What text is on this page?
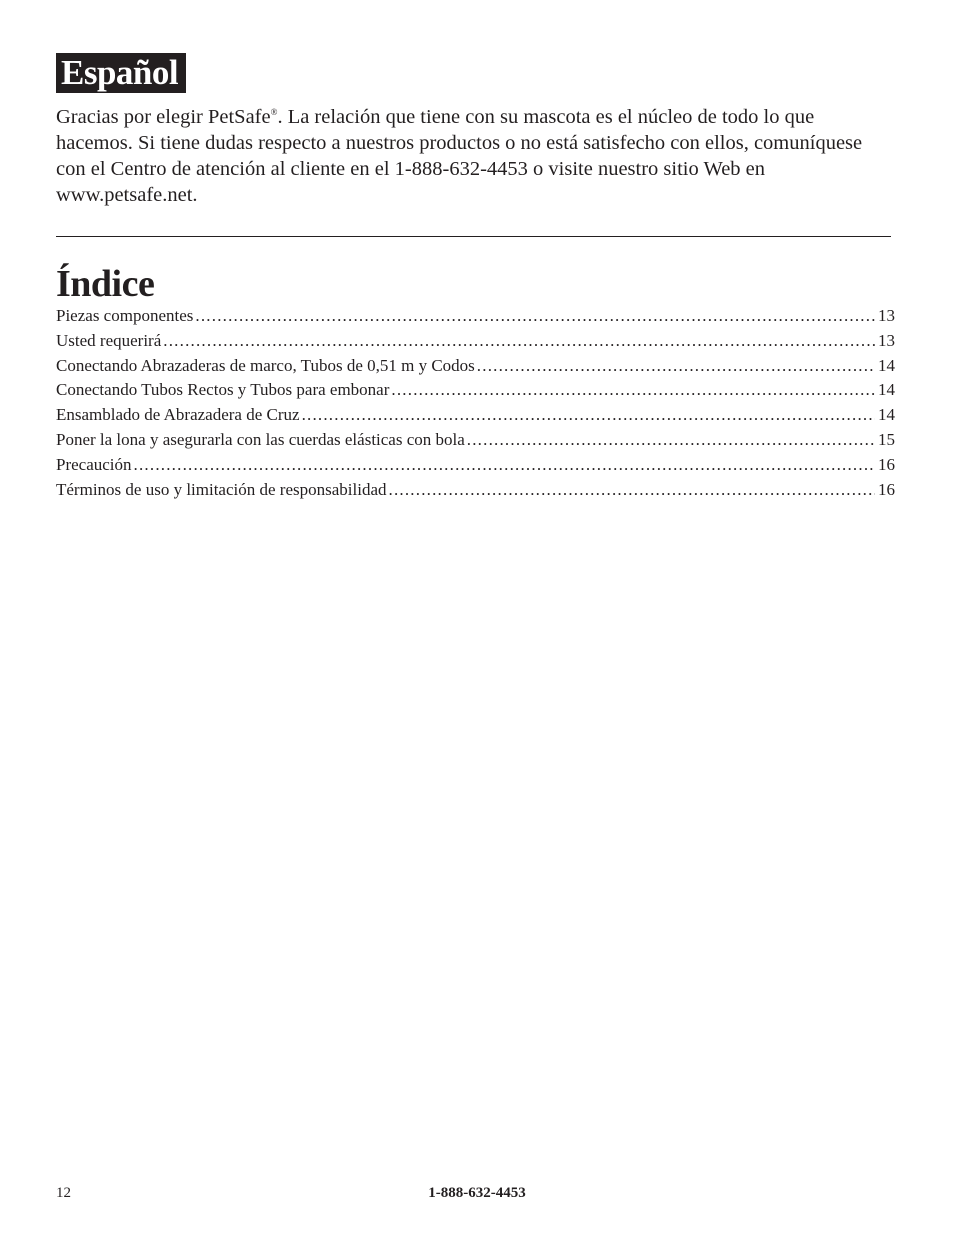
Español

Gracias por elegir PetSafe®. La relación que tiene con su mascota es el núcleo de todo lo que hacemos. Si tiene dudas respecto a nuestros productos o no está satisfecho con ellos, comuníquese con el Centro de atención al cliente en el 1-888-632-4453 o visite nuestro sitio Web en www.petsafe.net.

Índice
Piezas componentes .....	13
Usted requerirá .....	13
Conectando Abrazaderas de marco, Tubos de 0,51 m y Codos .....	14
Conectando Tubos Rectos y Tubos para embonar .....	14
Ensamblado de Abrazadera de Cruz .....	14
Poner la lona y asegurarla con las cuerdas elásticas con bola .....	15
Precaución .....	16
Términos de uso y limitación de responsabilidad .....	16
12	1-888-632-4453
